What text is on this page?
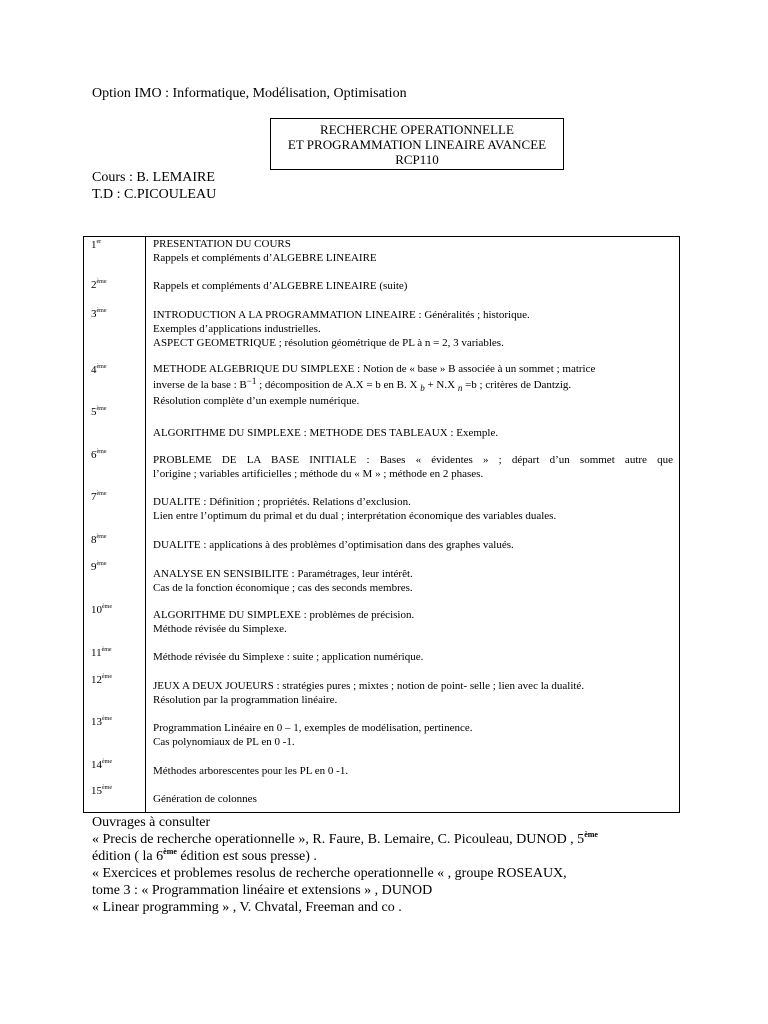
Option IMO : Informatique, Modélisation, Optimisation
RECHERCHE OPERATIONNELLE
ET PROGRAMMATION LINEAIRE AVANCEE
RCP110
Cours : B. LEMAIRE
T.D : C.PICOULEAU
1er	PRESENTATION DU COURS
Rappels et compléments d’ALGEBRE LINEAIRE
2ème	Rappels et compléments d’ALGEBRE LINEAIRE (suite)
3ème	INTRODUCTION A LA PROGRAMMATION LINEAIRE : Généralités ; historique.
Exemples d’applications industrielles.
ASPECT GEOMETRIQUE ; résolution géométrique de PL à n = 2, 3 variables.
4ème	METHODE ALGEBRIQUE DU SIMPLEXE : Notion de « base » B associée à un sommet ; matrice
inverse de la base : $B^{-1}$ ; décomposition de A.X = b en B. X $_b$ + N.X $_n$ =b ; critères de Dantzig.
Résolution complète d’un exemple numérique.
5ème
ALGORITHME DU SIMPLEXE : METHODE DES TABLEAUX : Exemple.
6ème
PROBLEME DE LA BASE INITIALE : Bases « évidentes » ; départ d’un sommet autre que
l’origine ; variables artificielles ; méthode du « M » ; méthode en 2 phases.
7ème
DUALITE : Définition ; propriétés. Relations d’exclusion.
Lien entre l’optimum du primal et du dual ; interprétation économique des variables duales.
8ème
DUALITE : applications à des problèmes d’optimisation dans des graphes valués.
9ème
ANALYSE EN SENSIBILITE : Paramétrages, leur intérêt.
Cas de la fonction économique ; cas des seconds membres.
10ème
ALGORITHME DU SIMPLEXE : problèmes de précision.
Méthode révisée du Simplexe.
11ème
Méthode révisée du Simplexe : suite ; application numérique.
12ème
JEUX A DEUX JOUEURS : stratégies pures ; mixtes ; notion de point- selle ; lien avec la dualité.
Résolution par la programmation linéaire.
13ème
Programmation Linéaire en 0 – 1, exemples de modélisation, pertinence.
Cas polynomiaux de PL en 0 -1.
14ème
Méthodes arborescentes pour les PL en 0 -1.
15ème
Génération de colonnes
Ouvrages à consulter
« Precis de recherche operationnelle », R. Faure, B. Lemaire, C. Picouleau, DUNOD , 5ème
édition ( la 6ème édition est sous presse) .
« Exercices et problemes resolus de recherche operationnelle « , groupe ROSEAUX,
tome 3 : « Programmation linéaire et extensions » , DUNOD
« Linear programming » , V. Chvatal, Freeman and co .
